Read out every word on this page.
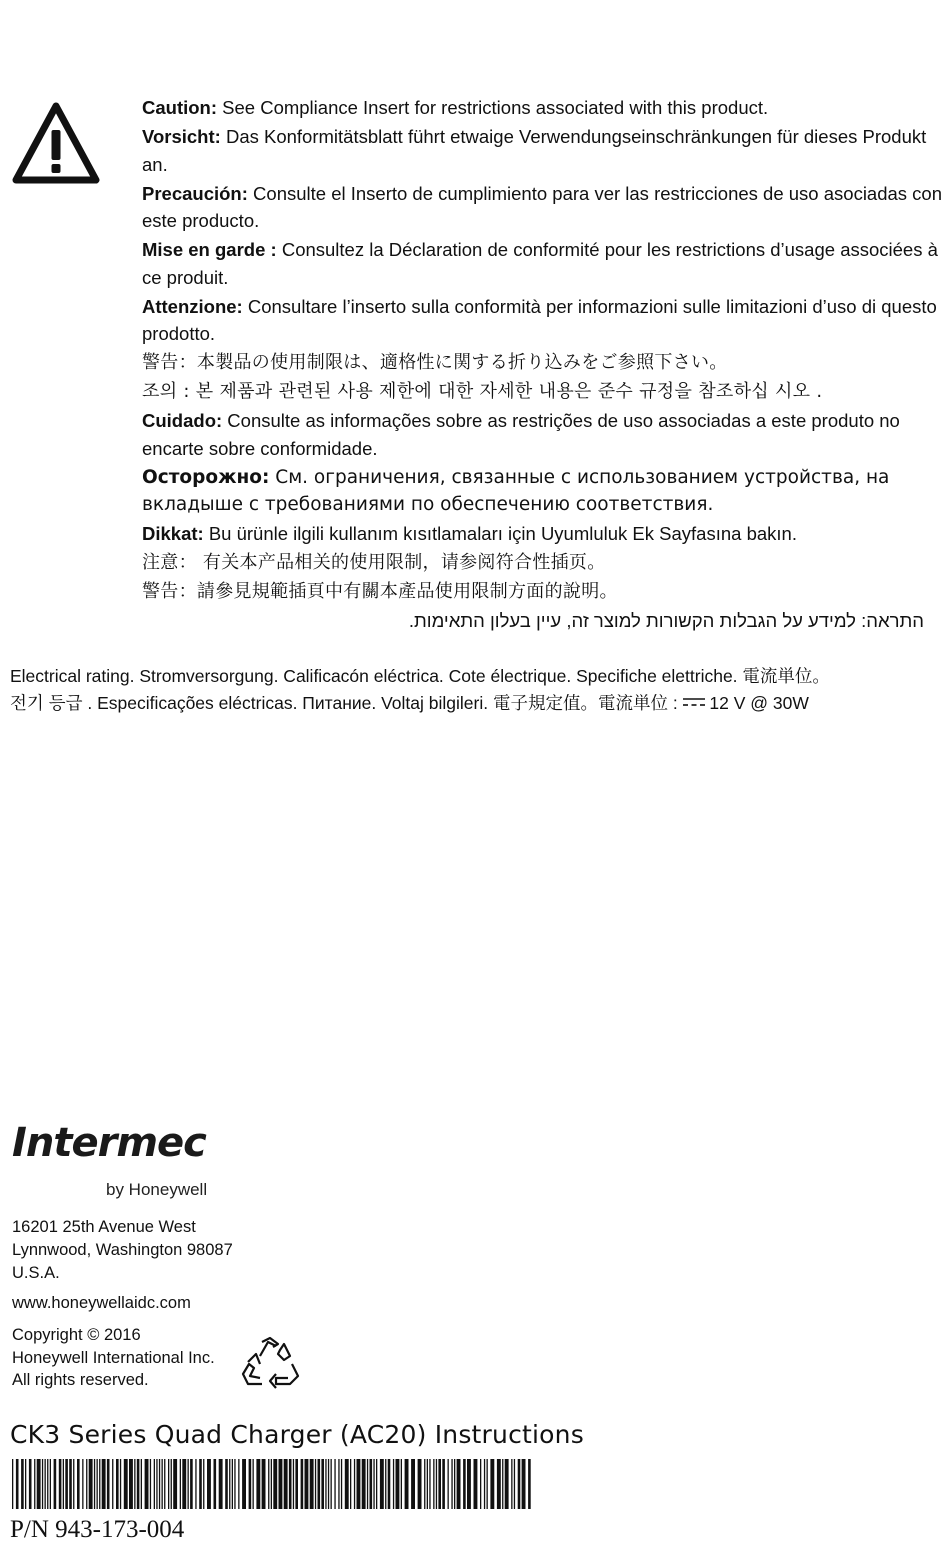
Caution: See Compliance Insert for restrictions associated with this product.

Vorsicht: Das Konformitätsblatt führt etwaige Verwendungseinschränkungen für dieses Produkt an.

Precaución: Consulte el Inserto de cumplimiento para ver las restricciones de uso asociadas con este producto.

Mise en garde : Consultez la Déclaration de conformité pour les restrictions d’usage associées à ce produit.

Attenzione: Consultare l’inserto sulla conformità per informazioni sulle limitazioni d’uso di questo prodotto.

警告：本製品の使用制限は、適格性に関する折り込みをご参照下さい。

조의 : 본 제품과 관련된 사용 제한에 대한 자세한 내용은 준수 규정을 참조하십 시오 .

Cuidado: Consulte as informações sobre as restrições de uso associadas a este produto no encarte sobre conformidade.

Осторожно: См. ограничения, связанные с использованием устройства, на вкладыше с требованиями по обеспечению соответствия.

Dikkat: Bu ürünle ilgili kullanım kısıtlamaları için Uyumluluk Ek Sayfasına bakın.

注意： 有关本产品相关的使用限制，请参阅符合性插页。

警告：請參見規範插頁中有關本產品使用限制方面的說明。

התראה: למידע על הגבלות הקשורות למוצר זה, עיין בעלון התאימות.

Electrical rating. Stromversorgung. Calificacón eléctrica. Cote électrique. Specifiche elettriche. 電流単位。
전기 등급 . Especificações eléctricas. Питание. Voltaj bilgileri. 電子規定值。電流単位 :  12 V @ 30W
Intermec
by Honeywell
16201 25th Avenue West
Lynnwood, Washington 98087
U.S.A.
www.honeywellaidc.com
Copyright © 2016
Honeywell International Inc.
All rights reserved.
CK3 Series Quad Charger (AC20) Instructions
P/N 943-173-004
